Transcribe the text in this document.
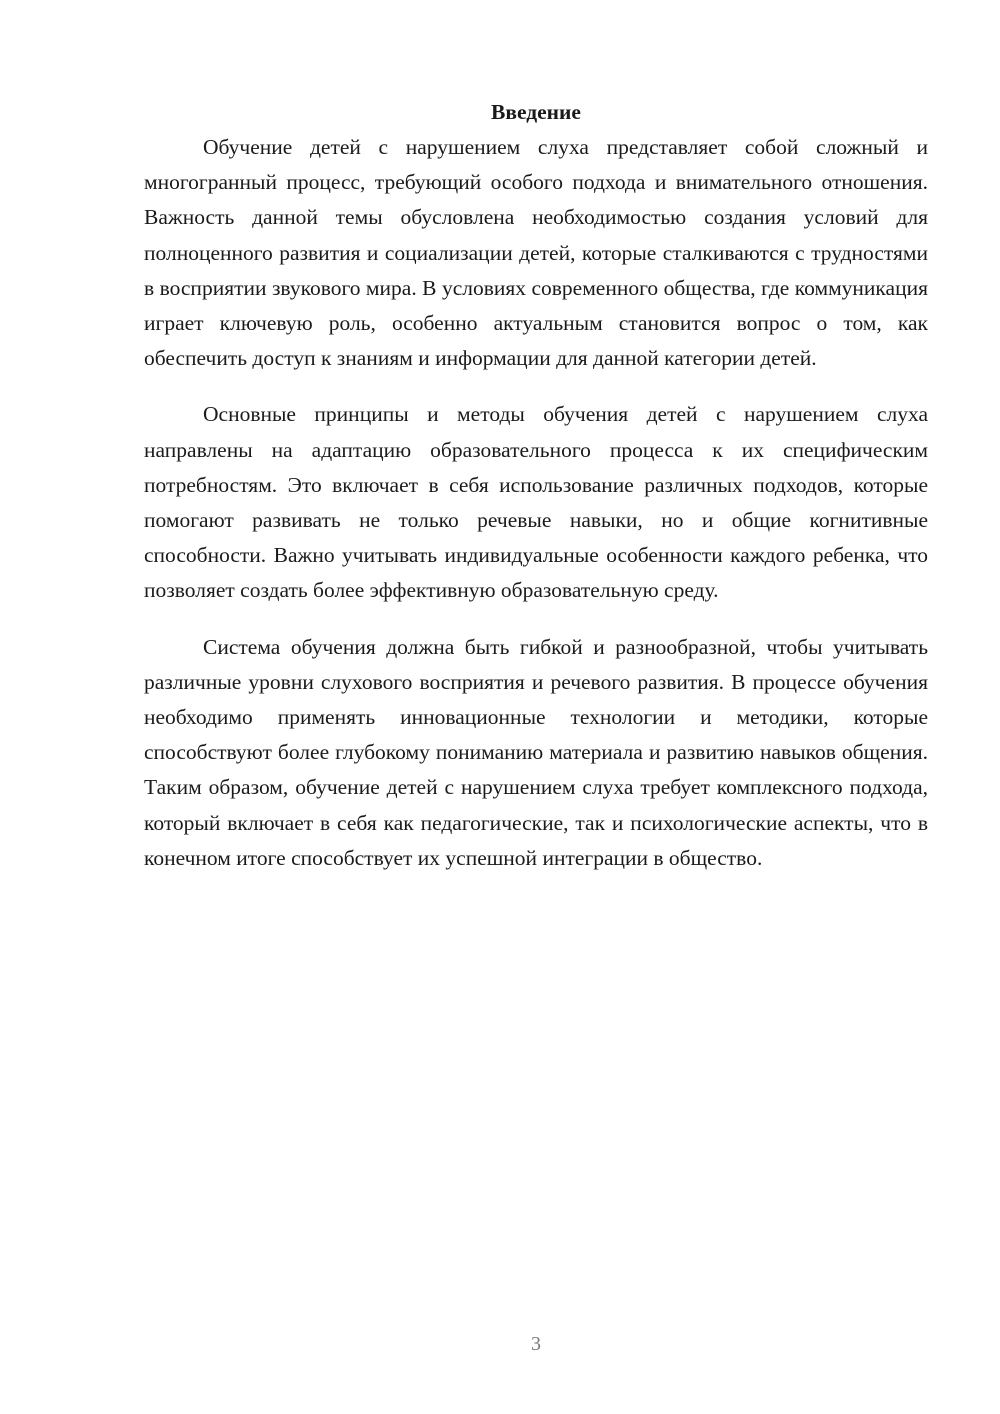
Введение

Обучение детей с нарушением слуха представляет собой сложный и многогранный процесс, требующий особого подхода и внимательного отношения. Важность данной темы обусловлена необходимостью создания условий для полноценного развития и социализации детей, которые сталкиваются с трудностями в восприятии звукового мира. В условиях современного общества, где коммуникация играет ключевую роль, особенно актуальным становится вопрос о том, как обеспечить доступ к знаниям и информации для данной категории детей.

Основные принципы и методы обучения детей с нарушением слуха направлены на адаптацию образовательного процесса к их специфическим потребностям. Это включает в себя использование различных подходов, которые помогают развивать не только речевые навыки, но и общие когнитивные способности. Важно учитывать индивидуальные особенности каждого ребенка, что позволяет создать более эффективную образовательную среду.

Система обучения должна быть гибкой и разнообразной, чтобы учитывать различные уровни слухового восприятия и речевого развития. В процессе обучения необходимо применять инновационные технологии и методики, которые способствуют более глубокому пониманию материала и развитию навыков общения. Таким образом, обучение детей с нарушением слуха требует комплексного подхода, который включает в себя как педагогические, так и психологические аспекты, что в конечном итоге способствует их успешной интеграции в общество.

3
